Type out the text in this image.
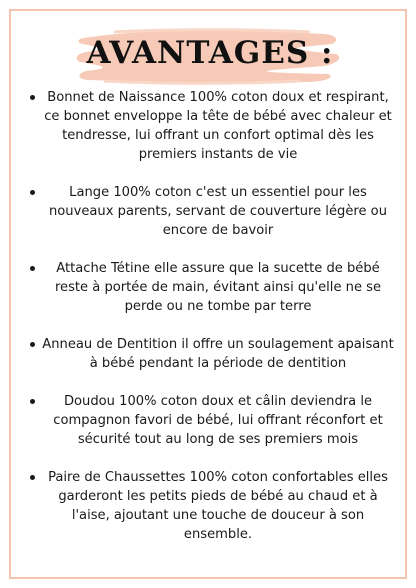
AVANTAGES :
Bonnet de Naissance 100% coton doux et respirant, ce bonnet enveloppe la tête de bébé avec chaleur et tendresse, lui offrant un confort optimal dès les premiers instants de vie
Lange 100% coton c'est un essentiel pour les nouveaux parents, servant de couverture légère ou encore de bavoir
Attache Tétine elle assure que la sucette de bébé reste à portée de main, évitant ainsi qu'elle ne se perde ou ne tombe par terre
Anneau de Dentition il offre un soulagement apaisant à bébé pendant la période de dentition
Doudou 100% coton doux et câlin deviendra le compagnon favori de bébé, lui offrant réconfort et sécurité tout au long de ses premiers mois
Paire de Chaussettes 100% coton confortables elles garderont les petits pieds de bébé au chaud et à l'aise, ajoutant une touche de douceur à son ensemble.
